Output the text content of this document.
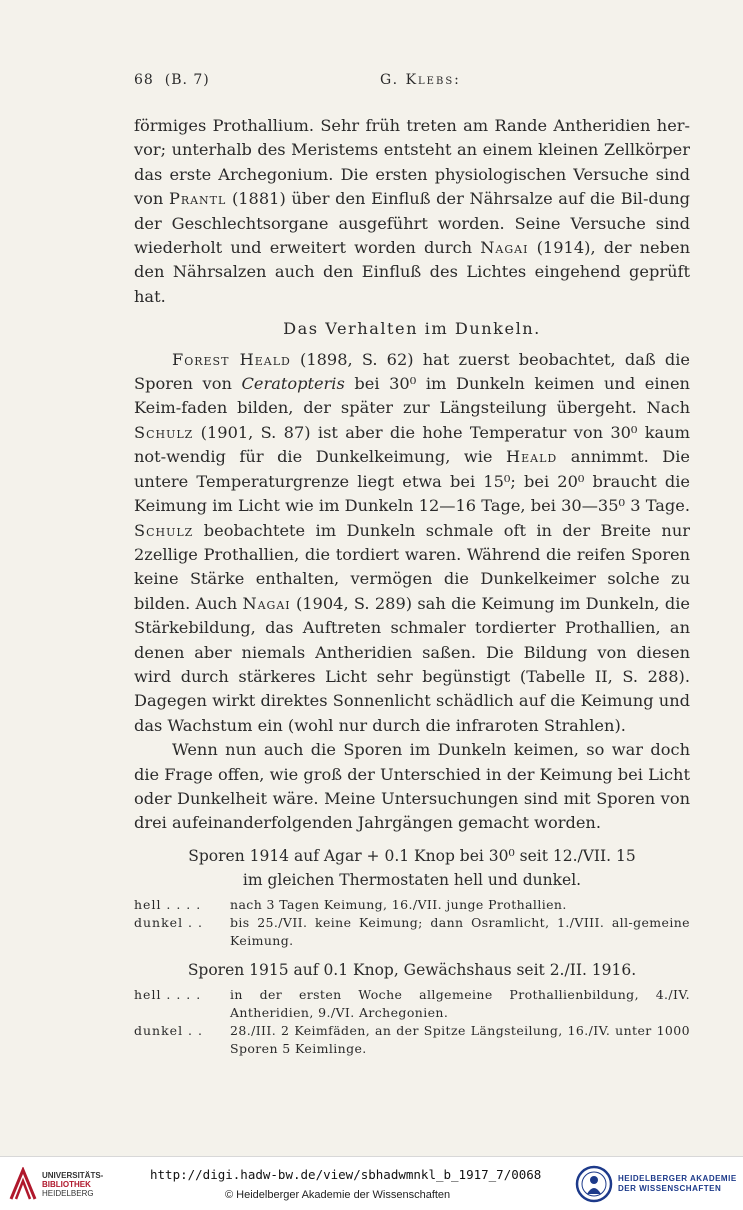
68 (B. 7)	G. Klebs:

förmiges Prothallium. Sehr früh treten am Rande Antheridien her-vor; unterhalb des Meristems entsteht an einem kleinen Zellkörper das erste Archegonium. Die ersten physiologischen Versuche sind von Prantl (1881) über den Einfluß der Nährsalze auf die Bil-dung der Geschlechtsorgane ausgeführt worden. Seine Versuche sind wiederholt und erweitert worden durch Nagai (1914), der neben den Nährsalzen auch den Einfluß des Lichtes eingehend geprüft hat.

Das Verhalten im Dunkeln.

Forest Heald (1898, S. 62) hat zuerst beobachtet, daß die Sporen von Ceratopteris bei 30⁰ im Dunkeln keimen und einen Keim-faden bilden, der später zur Längsteilung übergeht. Nach Schulz (1901, S. 87) ist aber die hohe Temperatur von 30⁰ kaum not-wendig für die Dunkelkeimung, wie Heald annimmt. Die untere Temperaturgrenze liegt etwa bei 15⁰; bei 20⁰ braucht die Keimung im Licht wie im Dunkeln 12—16 Tage, bei 30—35⁰ 3 Tage. Schulz beobachtete im Dunkeln schmale oft in der Breite nur 2zellige Prothallien, die tordiert waren. Während die reifen Sporen keine Stärke enthalten, vermögen die Dunkelkeimer solche zu bilden. Auch Nagai (1904, S. 289) sah die Keimung im Dunkeln, die Stärkebildung, das Auftreten schmaler tordierter Prothallien, an denen aber niemals Antheridien saßen. Die Bildung von diesen wird durch stärkeres Licht sehr begünstigt (Tabelle II, S. 288). Dagegen wirkt direktes Sonnenlicht schädlich auf die Keimung und das Wachstum ein (wohl nur durch die infraroten Strahlen).

Wenn nun auch die Sporen im Dunkeln keimen, so war doch die Frage offen, wie groß der Unterschied in der Keimung bei Licht oder Dunkelheit wäre. Meine Untersuchungen sind mit Sporen von drei aufeinanderfolgenden Jahrgängen gemacht worden.

Sporen 1914 auf Agar + 0.1 Knop bei 30⁰ seit 12./VII. 15
im gleichen Thermostaten hell und dunkel.

hell . . . .	nach 3 Tagen Keimung, 16./VII. junge Prothallien.
dunkel . .	bis 25./VII. keine Keimung; dann Osramlicht, 1./VIII. all-gemeine Keimung.

Sporen 1915 auf 0.1 Knop, Gewächshaus seit 2./II. 1916.

hell . . . .	in der ersten Woche allgemeine Prothallienbildung, 4./IV. Antheridien, 9./VI. Archegonien.
dunkel . .	28./III. 2 Keimfäden, an der Spitze Längsteilung, 16./IV. unter 1000 Sporen 5 Keimlinge.
UNIVERSITÄTS-
BIBLIOTHEK
HEIDELBERG
http://digi.hadw-bw.de/view/sbhadwmnkl_b_1917_7/0068
© Heidelberger Akademie der Wissenschaften
HEIDELBERGER AKADEMIE
DER WISSENSCHAFTEN
